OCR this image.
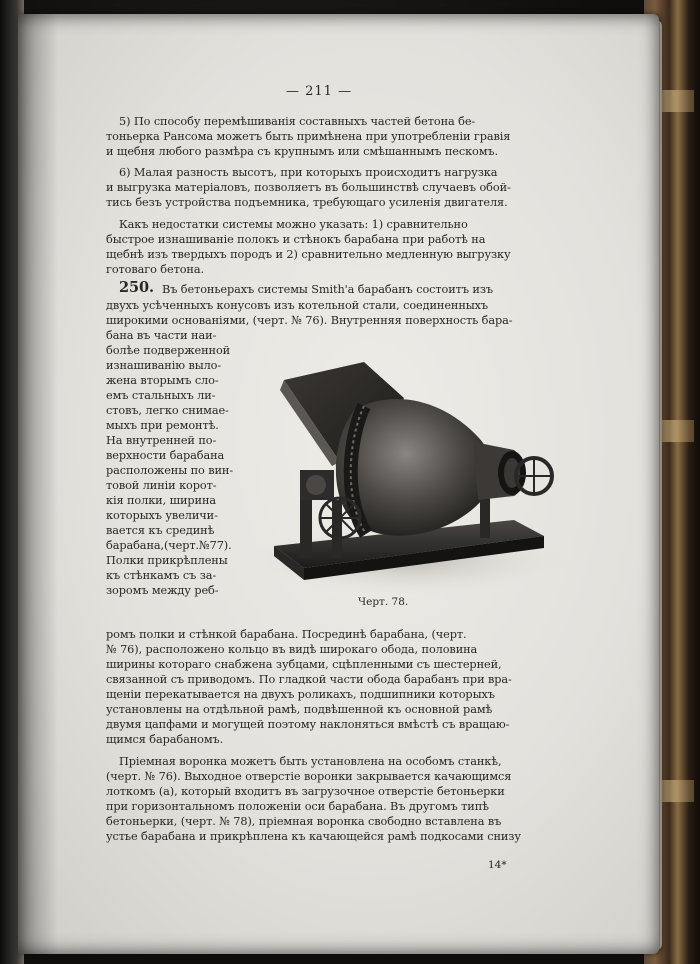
— 211 —
5) По способу перемѣшиванія составныхъ частей бетона бе-
тоньерка Рансома можетъ быть примѣнена при употребленіи гравія
и щебня любого размѣра съ крупнымъ или смѣшаннымъ пескомъ.
6) Малая разность высотъ, при которыхъ происходитъ нагрузка
и выгрузка матеріаловъ, позволяетъ въ большинствѣ случаевъ обой-
тись безъ устройства подъемника, требующаго усиленія двигателя.
Какъ недостатки системы можно указать: 1) сравнительно
быстрое изнашиваніе полокъ и стѣнокъ барабана при работѣ на
щебнѣ изъ твердыхъ породъ и 2) сравнительно медленную выгрузку
готоваго бетона.
250. Въ бетоньерахъ системы Smith'a барабанъ состоитъ изъ
двухъ усѣченныхъ конусовъ изъ котельной стали, соединенныхъ
широкими основаніями, (черт. № 76). Внутренняя поверхность бара-
бана въ части наи-
болѣе подверженной
изнашиванію выло-
жена вторымъ сло-
емъ стальныхъ ли-
стовъ, легко снимае-
мыхъ при ремонтѣ.
На внутренней по-
верхности барабана
расположены по вин-
товой линіи корот-
кія полки, ширина
которыхъ увеличи-
вается къ срединѣ
барабана,(черт.№77).
Полки прикрѣплены
къ стѣнкамъ съ за-
зоромъ между реб-
Черт. 78.
ромъ полки и стѣнкой барабана. Посрединѣ барабана, (черт.
№ 76), расположено кольцо въ видѣ широкаго обода, половина
ширины котораго снабжена зубцами, сцѣпленными съ шестерней,
связанной съ приводомъ. По гладкой части обода барабанъ при вра-
щеніи перекатывается на двухъ роликахъ, подшипники которыхъ
установлены на отдѣльной рамѣ, подвѣшенной къ основной рамѣ
двумя цапфами и могущей поэтому наклоняться вмѣстѣ съ вращаю-
щимся барабаномъ.
Пріемная воронка можетъ быть установлена на особомъ станкѣ,
(черт. № 76). Выходное отверстіе воронки закрывается качающимся
лоткомъ (а), который входитъ въ загрузочное отверстіе бетоньерки
при горизонтальномъ положеніи оси барабана. Въ другомъ типѣ
бетоньерки, (черт. № 78), пріемная воронка свободно вставлена въ
устье барабана и прикрѣплена къ качающейся рамѣ подкосами снизу
14*
